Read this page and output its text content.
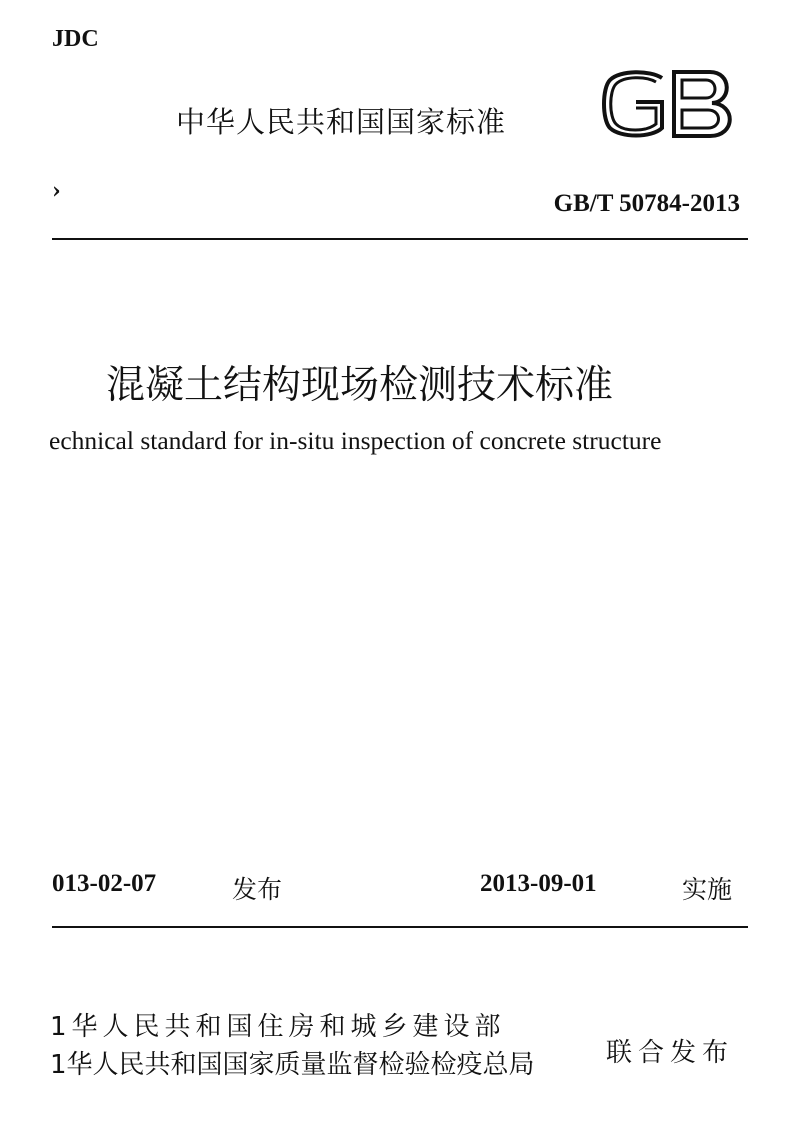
JDC
中华人民共和国国家标准
›	GB/T 50784-2013
混凝土结构现场检测技术标准
echnical standard for in-situ inspection of concrete structure
013-02-07	发布	2013-09-01	实施
1华人民共和国住房和城乡建设部
1华人民共和国国家质量监督检验检疫总局	联合发布
